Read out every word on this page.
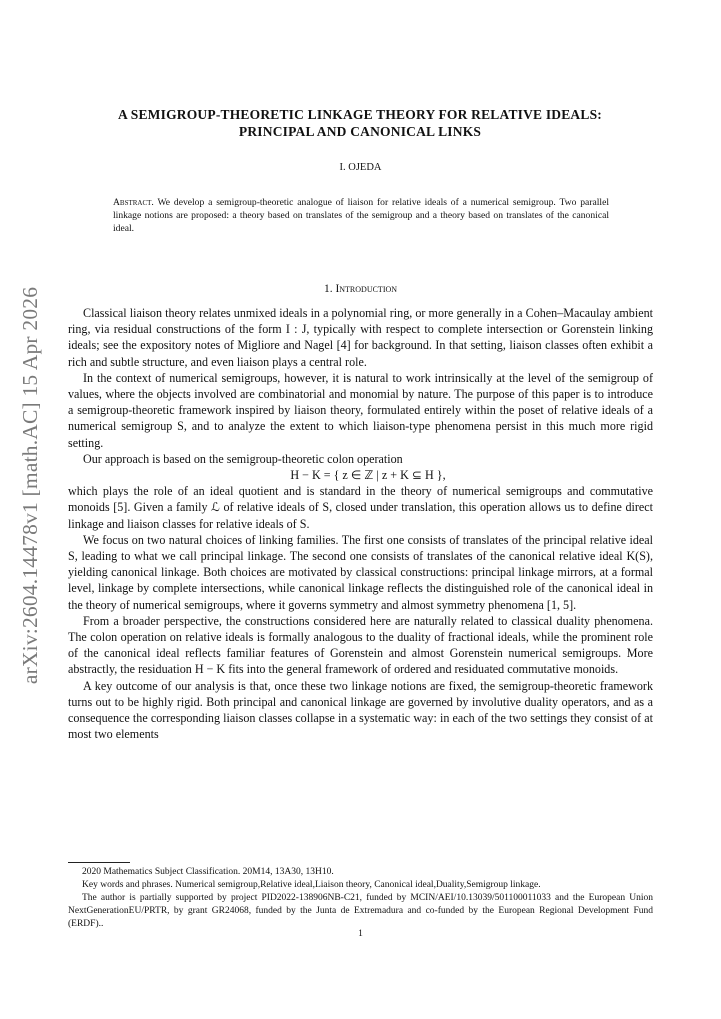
arXiv:2604.14478v1 [math.AC] 15 Apr 2026
A SEMIGROUP-THEORETIC LINKAGE THEORY FOR RELATIVE IDEALS: PRINCIPAL AND CANONICAL LINKS
I. OJEDA
Abstract. We develop a semigroup-theoretic analogue of liaison for relative ideals of a numerical semigroup. Two parallel linkage notions are proposed: a theory based on translates of the semigroup and a theory based on translates of the canonical ideal.
1. Introduction

Classical liaison theory relates unmixed ideals in a polynomial ring, or more generally in a Cohen–Macaulay ambient ring, via residual constructions of the form I : J, typically with respect to complete intersection or Gorenstein linking ideals; see the expository notes of Migliore and Nagel [4] for background. In that setting, liaison classes often exhibit a rich and subtle structure, and even liaison plays a central role.

In the context of numerical semigroups, however, it is natural to work intrinsically at the level of the semigroup of values, where the objects involved are combinatorial and monomial by nature. The purpose of this paper is to introduce a semigroup-theoretic framework inspired by liaison theory, formulated entirely within the poset of relative ideals of a numerical semigroup S, and to analyze the extent to which liaison-type phenomena persist in this much more rigid setting.

Our approach is based on the semigroup-theoretic colon operation

H − K = { z ∈ ℤ | z + K ⊆ H },

which plays the role of an ideal quotient and is standard in the theory of numerical semigroups and commutative monoids [5]. Given a family ℒ of relative ideals of S, closed under translation, this operation allows us to define direct linkage and liaison classes for relative ideals of S.

We focus on two natural choices of linking families. The first one consists of translates of the principal relative ideal S, leading to what we call principal linkage. The second one consists of translates of the canonical relative ideal K(S), yielding canonical linkage. Both choices are motivated by classical constructions: principal linkage mirrors, at a formal level, linkage by complete intersections, while canonical linkage reflects the distinguished role of the canonical ideal in the theory of numerical semigroups, where it governs symmetry and almost symmetry phenomena [1, 5].

From a broader perspective, the constructions considered here are naturally related to classical duality phenomena. The colon operation on relative ideals is formally analogous to the duality of fractional ideals, while the prominent role of the canonical ideal reflects familiar features of Gorenstein and almost Gorenstein numerical semigroups. More abstractly, the residuation H − K fits into the general framework of ordered and residuated commutative monoids.

A key outcome of our analysis is that, once these two linkage notions are fixed, the semigroup-theoretic framework turns out to be highly rigid. Both principal and canonical linkage are governed by involutive duality operators, and as a consequence the corresponding liaison classes collapse in a systematic way: in each of the two settings they consist of at most two elements

2020 Mathematics Subject Classification. 20M14, 13A30, 13H10.

Key words and phrases. Numerical semigroup,Relative ideal,Liaison theory, Canonical ideal,Duality,Semigroup linkage.

The author is partially supported by project PID2022-138906NB-C21, funded by MCIN/AEI/10.13039/501100011033 and the European Union NextGenerationEU/PRTR, by grant GR24068, funded by the Junta de Extremadura and co-funded by the European Regional Development Fund (ERDF)..

1
